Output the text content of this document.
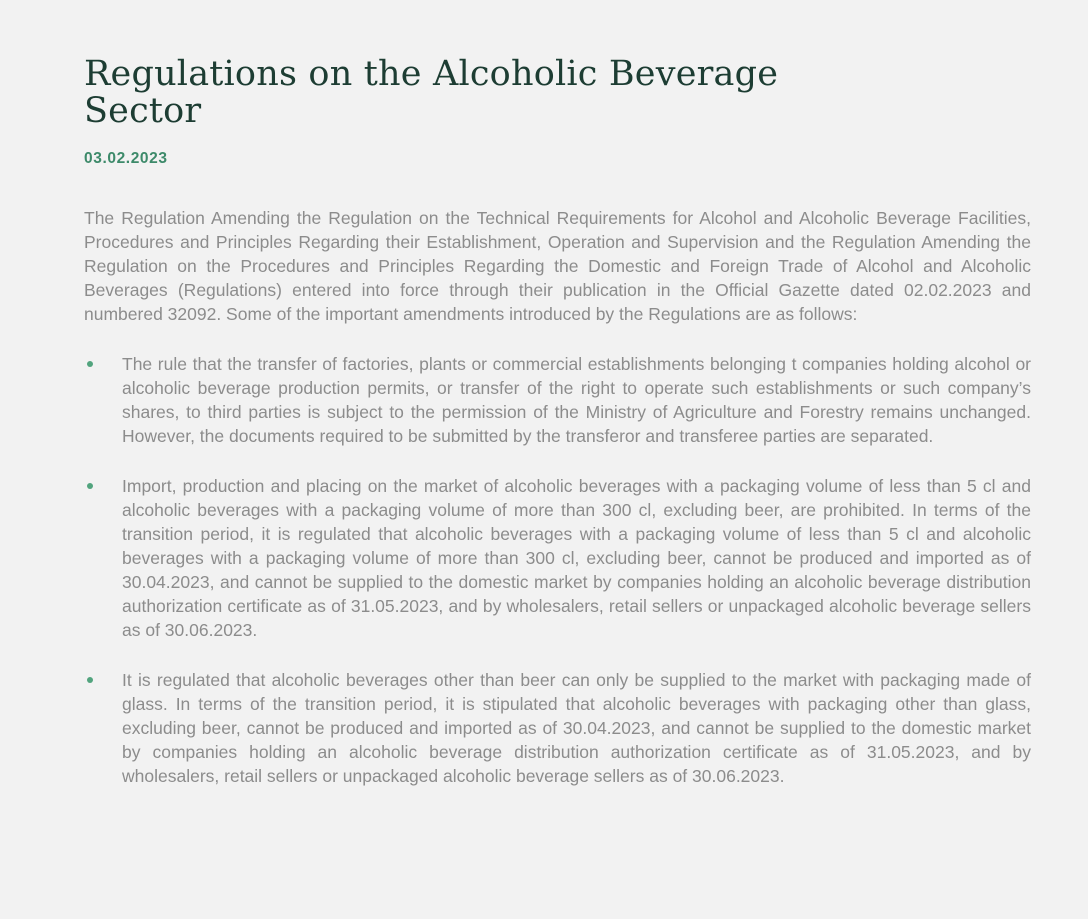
Regulations on the Alcoholic Beverage Sector
03.02.2023

The Regulation Amending the Regulation on the Technical Requirements for Alcohol and Alcoholic Beverage Facilities, Procedures and Principles Regarding their Establishment, Operation and Supervision and the Regulation Amending the Regulation on the Procedures and Principles Regarding the Domestic and Foreign Trade of Alcohol and Alcoholic Beverages (Regulations) entered into force through their publication in the Official Gazette dated 02.02.2023 and numbered 32092. Some of the important amendments introduced by the Regulations are as follows:

The rule that the transfer of factories, plants or commercial establishments belonging t companies holding alcohol or alcoholic beverage production permits, or transfer of the right to operate such establishments or such company’s shares, to third parties is subject to the permission of the Ministry of Agriculture and Forestry remains unchanged. However, the documents required to be submitted by the transferor and transferee parties are separated.
Import, production and placing on the market of alcoholic beverages with a packaging volume of less than 5 cl and alcoholic beverages with a packaging volume of more than 300 cl, excluding beer, are prohibited. In terms of the transition period, it is regulated that alcoholic beverages with a packaging volume of less than 5 cl and alcoholic beverages with a packaging volume of more than 300 cl, excluding beer, cannot be produced and imported as of 30.04.2023, and cannot be supplied to the domestic market by companies holding an alcoholic beverage distribution authorization certificate as of 31.05.2023, and by wholesalers, retail sellers or unpackaged alcoholic beverage sellers as of 30.06.2023.
It is regulated that alcoholic beverages other than beer can only be supplied to the market with packaging made of glass. In terms of the transition period, it is stipulated that alcoholic beverages with packaging other than glass, excluding beer, cannot be produced and imported as of 30.04.2023, and cannot be supplied to the domestic market by companies holding an alcoholic beverage distribution authorization certificate as of 31.05.2023, and by wholesalers, retail sellers or unpackaged alcoholic beverage sellers as of 30.06.2023.
